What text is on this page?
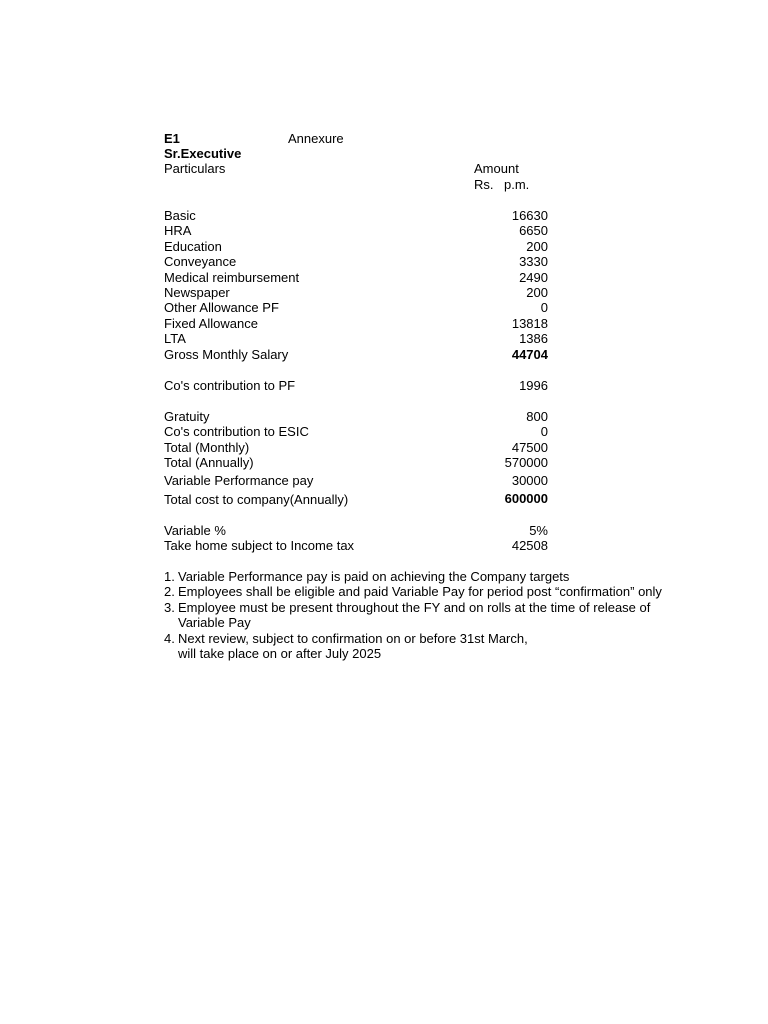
E1	Annexure
Sr.Executive
Particulars	Amount
Rs. p.m.
Basic	16630
HRA	6650
Education	200
Conveyance	3330
Medical reimbursement	2490
Newspaper	200
Other Allowance PF	0
Fixed Allowance	13818
LTA	1386
Gross Monthly Salary	44704
Co's contribution to PF	1996
Gratuity	800
Co's contribution to ESIC	0
Total (Monthly)	47500
Total (Annually)	570000
Variable Performance pay	30000
Total cost to company(Annually)	600000
Variable %	5%
Take home subject to Income tax	42508
1. Variable Performance pay is paid on achieving the Company targets
2. Employees shall be eligible and paid Variable Pay for period post “confirmation” only
3. Employee must be present throughout the FY and on rolls at the time of release of
Variable Pay
4. Next review, subject to confirmation on or before 31st March,
will take place on or after July 2025
